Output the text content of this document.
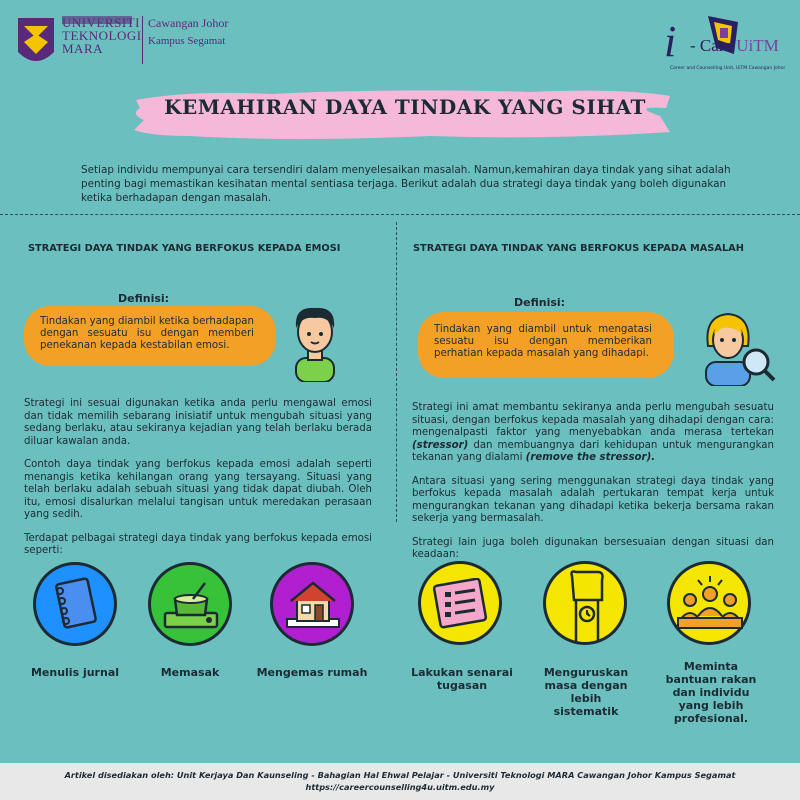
UNIVERSITI
TEKNOLOGI
MARA
Cawangan Johor
Kampus Segamat	i - Care UiTM
Career and Counselling Unit, UiTM Cawangan Johor
KEMAHIRAN DAYA TINDAK YANG SIHAT
Setiap individu mempunyai cara tersendiri dalam menyelesaikan masalah. Namun,kemahiran daya tindak yang sihat adalah penting bagi memastikan kesihatan mental sentiasa terjaga. Berikut adalah dua strategi daya tindak yang boleh digunakan ketika berhadapan dengan masalah.
STRATEGI DAYA TINDAK YANG BERFOKUS KEPADA EMOSI
Definisi:
Tindakan yang diambil ketika berhadapan dengan sesuatu isu dengan memberi penekanan kepada kestabilan emosi.

Strategi ini sesuai digunakan ketika anda perlu mengawal emosi dan tidak memilih sebarang inisiatif untuk mengubah situasi yang sedang berlaku, atau sekiranya kejadian yang telah berlaku berada diluar kawalan anda.

Contoh daya tindak yang berfokus kepada emosi adalah seperti menangis ketika kehilangan orang yang tersayang. Situasi yang telah berlaku adalah sebuah situasi yang tidak dapat diubah. Oleh itu, emosi disalurkan melalui tangisan untuk meredakan perasaan yang sedih.

Terdapat pelbagai strategi daya tindak yang berfokus kepada emosi seperti:

Menulis jurnal	Memasak	Mengemas rumah
STRATEGI DAYA TINDAK YANG BERFOKUS KEPADA MASALAH
Definisi:
Tindakan yang diambil untuk mengatasi sesuatu isu dengan memberikan perhatian kepada masalah yang dihadapi.

Strategi ini amat membantu sekiranya anda perlu mengubah sesuatu situasi, dengan berfokus kepada masalah yang dihadapi dengan cara: mengenalpasti faktor yang menyebabkan anda merasa tertekan (stressor) dan membuangnya dari kehidupan untuk mengurangkan tekanan yang dialami (remove the stressor).

Antara situasi yang sering menggunakan strategi daya tindak yang berfokus kepada masalah adalah pertukaran tempat kerja untuk mengurangkan tekanan yang dihadapi ketika bekerja bersama rakan sekerja yang bermasalah.

Strategi lain juga boleh digunakan bersesuaian dengan situasi dan keadaan:

Lakukan senarai
tugasan
Menguruskan
masa dengan
lebih
sistematik
Meminta
bantuan rakan
dan individu
yang lebih
profesional.
Artikel disediakan oleh: Unit Kerjaya Dan Kaunseling - Bahagian Hal Ehwal Pelajar - Universiti Teknologi MARA Cawangan Johor Kampus Segamat
https://careercounselling4u.uitm.edu.my
